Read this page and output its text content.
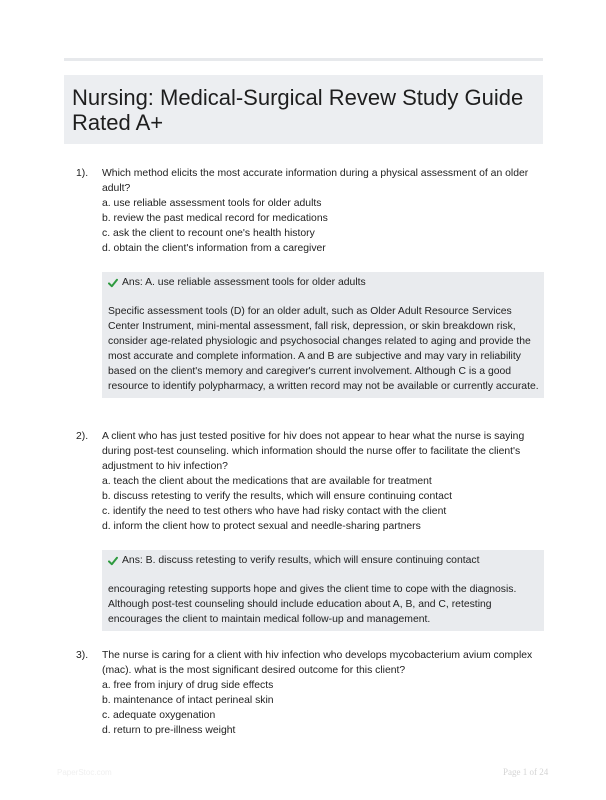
Nursing: Medical-Surgical Revew Study Guide Rated A+
1). Which method elicits the most accurate information during a physical assessment of an older adult?
a. use reliable assessment tools for older adults
b. review the past medical record for medications
c. ask the client to recount one's health history
d. obtain the client's information from a caregiver
Ans: A. use reliable assessment tools for older adults
Specific assessment tools (D) for an older adult, such as Older Adult Resource Services Center Instrument, mini-mental assessment, fall risk, depression, or skin breakdown risk, consider age-related physiologic and psychosocial changes related to aging and provide the most accurate and complete information. A and B are subjective and may vary in reliability based on the client's memory and caregiver's current involvement. Although C is a good resource to identify polypharmacy, a written record may not be available or currently accurate.
2). A client who has just tested positive for hiv does not appear to hear what the nurse is saying during post-test counseling. which information should the nurse offer to facilitate the client's adjustment to hiv infection?
a. teach the client about the medications that are available for treatment
b. discuss retesting to verify the results, which will ensure continuing contact
c. identify the need to test others who have had risky contact with the client
d. inform the client how to protect sexual and needle-sharing partners
Ans: B. discuss retesting to verify results, which will ensure continuing contact
encouraging retesting supports hope and gives the client time to cope with the diagnosis. Although post-test counseling should include education about A, B, and C, retesting encourages the client to maintain medical follow-up and management.
3). The nurse is caring for a client with hiv infection who develops mycobacterium avium complex (mac). what is the most significant desired outcome for this client?
a. free from injury of drug side effects
b. maintenance of intact perineal skin
c. adequate oxygenation
d. return to pre-illness weight
PaperStoc.com	Page 1 of 24
